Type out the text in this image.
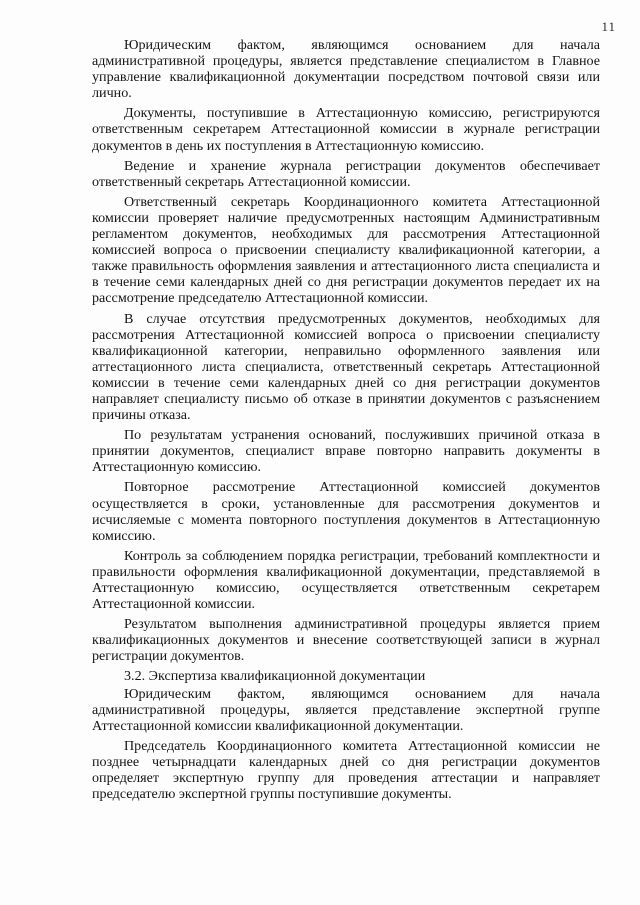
11

Юридическим фактом, являющимся основанием для начала административной процедуры, является представление специалистом в Главное управление квалификационной документации посредством почтовой связи или лично.

Документы, поступившие в Аттестационную комиссию, регистрируются ответственным секретарем Аттестационной комиссии в журнале регистрации документов в день их поступления в Аттестационную комиссию.

Ведение и хранение журнала регистрации документов обеспечивает ответственный секретарь Аттестационной комиссии.

Ответственный секретарь Координационного комитета Аттестационной комиссии проверяет наличие предусмотренных настоящим Административным регламентом документов, необходимых для рассмотрения Аттестационной комиссией вопроса о присвоении специалисту квалификационной категории, а также правильность оформления заявления и аттестационного листа специалиста и в течение семи календарных дней со дня регистрации документов передает их на рассмотрение председателю Аттестационной комиссии.

В случае отсутствия предусмотренных документов, необходимых для рассмотрения Аттестационной комиссией вопроса о присвоении специалисту квалификационной категории, неправильно оформленного заявления или аттестационного листа специалиста, ответственный секретарь Аттестационной комиссии в течение семи календарных дней со дня регистрации документов направляет специалисту письмо об отказе в принятии документов с разъяснением причины отказа.

По результатам устранения оснований, послуживших причиной отказа в принятии документов, специалист вправе повторно направить документы в Аттестационную комиссию.

Повторное рассмотрение Аттестационной комиссией документов осуществляется в сроки, установленные для рассмотрения документов и исчисляемые с момента повторного поступления документов в Аттестационную комиссию.

Контроль за соблюдением порядка регистрации, требований комплектности и правильности оформления квалификационной документации, представляемой в Аттестационную комиссию, осуществляется ответственным секретарем Аттестационной комиссии.

Результатом выполнения административной процедуры является прием квалификационных документов и внесение соответствующей записи в журнал регистрации документов.

3.2. Экспертиза квалификационной документации

Юридическим фактом, являющимся основанием для начала административной процедуры, является представление экспертной группе Аттестационной комиссии квалификационной документации.

Председатель Координационного комитета Аттестационной комиссии не позднее четырнадцати календарных дней со дня регистрации документов определяет экспертную группу для проведения аттестации и направляет председателю экспертной группы поступившие документы.
